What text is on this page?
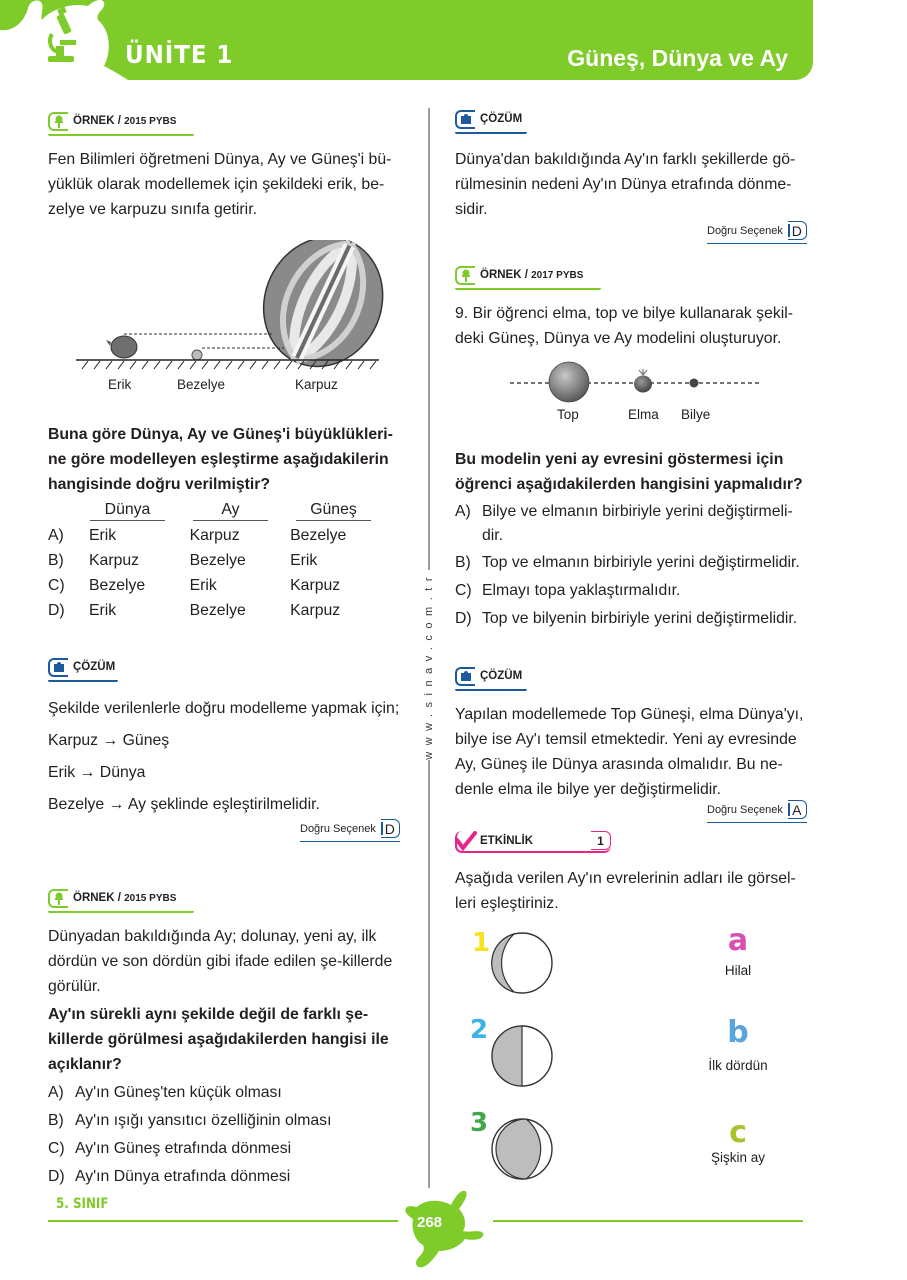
ÜNİTE 1	Güneş, Dünya ve Ay
www.sinav.com.tr
ÖRNEK / 2015 PYBS
Fen Bilimleri öğretmeni Dünya, Ay ve Güneş'i bü-
yüklük olarak modellemek için şekildeki erik, be-
zelye ve karpuzu sınıfa getirir.
Erik	Bezelye	Karpuz
Buna göre Dünya, Ay ve Güneş'i büyüklükleri-
ne göre modelleyen eşleştirme aşağıdakilerin
hangisinde doğru verilmiştir?
Dünya	Ay	Güneş
A)	Erik	Karpuz	Bezelye
B)	Karpuz	Bezelye	Erik
C)	Bezelye	Erik	Karpuz
D)	Erik	Bezelye	Karpuz
ÇÖZÜM
Şekilde verilenlerle doğru modelleme yapmak için;
Karpuz → Güneş
Erik → Dünya
Bezelye → Ay şeklinde eşleştirilmelidir.
Doğru Seçenek D
ÖRNEK / 2015 PYBS
Dünyadan bakıldığında Ay; dolunay, yeni ay, ilk
dördün ve son dördün gibi ifade edilen şe-killerde
görülür.
Ay'ın sürekli aynı şekilde değil de farklı şe-
killerde görülmesi aşağıdakilerden hangisi ile
açıklanır?
A) Ay'ın Güneş'ten küçük olması
B) Ay'ın ışığı yansıtıcı özelliğinin olması
C) Ay'ın Güneş etrafında dönmesi
D) Ay'ın Dünya etrafında dönmesi
ÇÖZÜM
Dünya'dan bakıldığında Ay'ın farklı şekillerde gö-
rülmesinin nedeni Ay'ın Dünya etrafında dönme-
sidir.
Doğru Seçenek D
ÖRNEK / 2017 PYBS
9. Bir öğrenci elma, top ve bilye kullanarak şekil-
deki Güneş, Dünya ve Ay modelini oluşturuyor.
Top	Elma Bilye
Bu modelin yeni ay evresini göstermesi için
öğrenci aşağıdakilerden hangisini yapmalıdır?
A) Bilye ve elmanın birbiriyle yerini değiştirmeli-
dir.
B) Top ve elmanın birbiriyle yerini değiştirmelidir.
C) Elmayı topa yaklaştırmalıdır.
D) Top ve bilyenin birbiriyle yerini değiştirmelidir.
ÇÖZÜM
Yapılan modellemede Top Güneşi, elma Dünya'yı,
bilye ise Ay'ı temsil etmektedir. Yeni ay evresinde
Ay, Güneş ile Dünya arasında olmalıdır. Bu ne-
denle elma ile bilye yer değiştirmelidir.
Doğru Seçenek A
ETKİNLİK	1
Aşağıda verilen Ay'ın evrelerinin adları ile görsel-
leri eşleştiriniz.
1
2
3
a
Hilal
b
İlk dördün
c
Şişkin ay
5. SINIF
268
